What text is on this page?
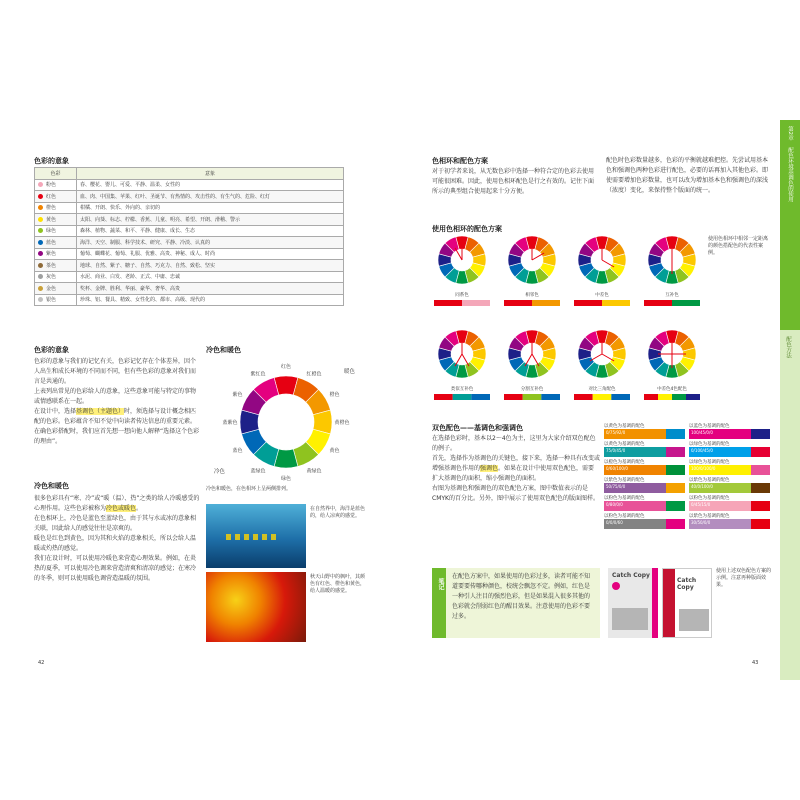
色彩的意象
色彩	意象
粉色	春、樱花、婴儿、可爱、平静、温柔、女性的
红色	血、肉、中国集、苹果、红叶、圣诞节、有热情的、攻击性的、有生气的、危险、红灯
橙色	柑橘、开朗、快乐、外向的、亲切的
黄色	太阳、向葵、标志、柠檬、香蕉、儿童、明亮、希望、开朗、滑稽、警示
绿色	森林、植物、蔬菜、和平、平静、健康、成长、生态
蓝色	海洋、天空、制服、科学技术、研究、平静、冷淡、认真的
紫色	葡萄、蝴蝶花、葡萄、礼服、优雅、高贵、神秘、成人、时尚
茶色	地球、自然、紫子、糖子、自然、巧克力、自然、致松、坚实
灰色	水泥、商业、白发、老龄、正式、中庸、忠诚
金色	奖杯、金牌、胜利、华丽、豪华、奢华、高贵
银色	珍珠、铝、餐具、精致、女性化的、都市、高级、现代的
色彩的意象

色彩的意象与我们的记忆有关，色彩记忆存在个体差异，因个人出生和成长环境的不同而不同，但有些色彩的意象对我们而言是共通的。

上表列出常见的色彩给人的意象，这些意象可能与特定的事物或情感联系在一起。

在设计中，选择基调色（主题色）时，须选择与设计概念相匹配的色彩。色彩蕴含不知不觉中向读者传达信息的重要元素。在确色彩搭配时，我们应首先想一想向他人解释“选择这个色彩的理由”。

冷色和暖色
红色
红橙色
橙色
黄橙色
黄色
黄绿色
绿色
蓝绿色
蓝色
蓝紫色
紫色
紫红色	暖色
冷色
冷色和暖色，在色相环上呈两侧排列。
冷色和暖色

很多色彩具有“寒、冷”或“暖（温）、热”之类的给人冷暖感受的心理作用。这些色彩被称为冷色或暖色。

在色相环上，冷色是蓝色至蓝绿色，由于其与水或冰的意象相关联，因此给人的感觉往往是凉爽的。

暖色是红色到黄色，因为其和火焰的意象相关，所以会给人温暖或灼热的感觉。

我们在设计时，可以使用冷暖色来营造心理效果。例如，在炎热的夏季，可以使用冷色调来营造清爽和清凉的感觉；在寒冷的冬季，则可以使用暖色调营造温暖的氛围。

在自然界中，海洋是蓝色的，给人凉爽的感觉。
秋天山野中的枫叶，其颜色有红色、橙色和黄色，给人温暖的感觉。
42
色相环和配色方案
对于初学者来说，从无数色彩中选择一种符合定的色彩去使用可能很困难。因此，使用色相环配色是行之有效的。记住下面所示的典型组合使用起来十分方便。
配色时色彩数量越多，色彩的平衡就越难把控。先尝试用基本色和强调色两种色彩进行配色，必要的话再加入其他色彩。即使需要增加色彩数量，也可以改为增加基本色和强调色的深浅（浓度）变化，来保持整个版面的统一。
使用色相环的配色方案
使用色相环中相邻一定距离的颜色搭配色的代表性案例。
同系色	相邻色	中差色	互补色
类似互补色	分割互补色	对比三角配色	中差色4色配色
双色配色——基调色和强调色

在选择色彩时，基本以2～4色为主，这里为大家介绍双色配色的例子。

首先，选择作为基调色的关键色，接下来，选择一种具有改变或增强基调色作用的强调色。如果在设计中使用双色配色，需要扩大基调色的面积，缩小强调色的面积。

右图为基调色和强调色的双色配色方案，图中数值表示的是CMYK的百分比。另外，图中展示了使用双色配色的版面图样。

以黄色为基调的配色
0/75/92/0
以蓝色为基调的配色
100/45/0/0
以黄色为基调的配色
75/0/45/0
以绿色为基调的配色
0/100/45/0
以橙色为基调的配色
0/60/100/0
以绿色为基调的配色
100/0/100/0
以紫色为基调的配色
50/75/0/0
以紫色为基调的配色
40/0/100/0
以粉色为基调的配色
0/80/0/0
以粉色为基调的配色
0/45/15/0
以粉色为基调的配色
0/0/0/60
以紫色为基调的配色
30/50/0/0
笔记
在配色方案中，如果使用的色彩过多，读者可能不知道要要传哪种颜色，校统会飘忽不定。例如，红色是一种引人注目的强烈色彩，但是如果混入很多其他的色彩就会削弱红色的醒目效果。注意使用的色彩不要过多。
Catch Copy
Catch Copy
使用上述双色配色方案的示例。注意再种版面效果。
43
第2章
配色环境基调色的使用
配色方法
